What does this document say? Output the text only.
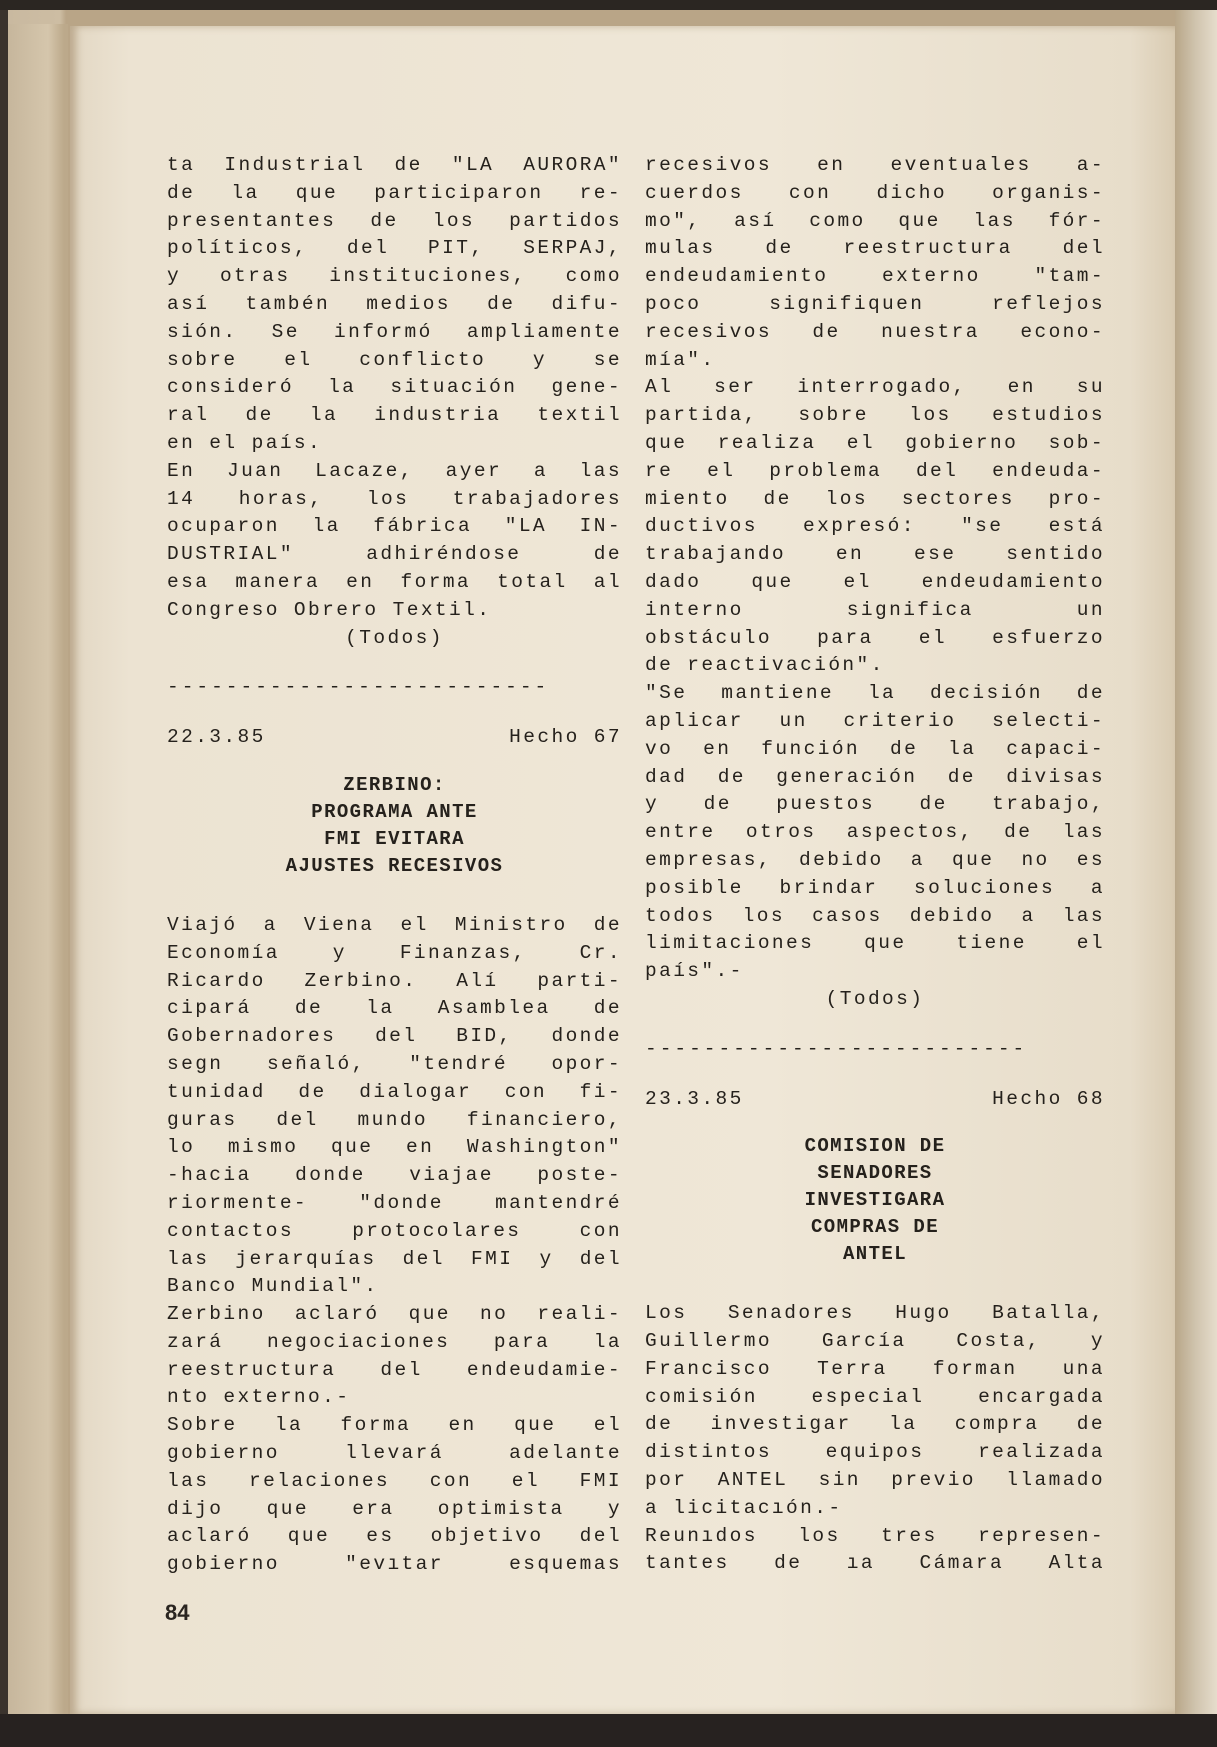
ta Industrial de "LA AURORA"
de la que participaron re-
presentantes de los partidos
políticos, del PIT, SERPAJ,
y otras instituciones, como
así tambén medios de difu-
sión. Se informó ampliamente
sobre el conflicto y se
consideró la situación gene-
ral de la industria textil
en el país.
En Juan Lacaze, ayer a las
14 horas, los trabajadores
ocuparon la fábrica "LA IN-
DUSTRIAL" adhiréndose de
esa manera en forma total al
Congreso Obrero Textil.
(Todos)
--------------------------
22.3.85	Hecho 67
ZERBINO:
PROGRAMA ANTE
FMI EVITARA
AJUSTES RECESIVOS
Viajó a Viena el Ministro de
Economía y Finanzas, Cr.
Ricardo Zerbino. Alí parti-
cipará de la Asamblea de
Gobernadores del BID, donde
segn señaló, "tendré opor-
tunidad de dialogar con fi-
guras del mundo financiero,
lo mismo que en Washington"
-hacia donde viajae poste-
riormente- "donde mantendré
contactos protocolares con
las jerarquías del FMI y del
Banco Mundial".
Zerbino aclaró que no reali-
zará negociaciones para la
reestructura del endeudamie-
nto externo.-
Sobre la forma en que el
gobierno llevará adelante
las relaciones con el FMI
dijo que era optimista y
aclaró que es objetivo del
gobierno "evıtar esquemas
recesivos en eventuales a-
cuerdos con dicho organis-
mo", así como que las fór-
mulas de reestructura del
endeudamiento externo "tam-
poco signifiquen reflejos
recesivos de nuestra econo-
mía".
Al ser interrogado, en su
partida, sobre los estudios
que realiza el gobierno sob-
re el problema del endeuda-
miento de los sectores pro-
ductivos expresó: "se está
trabajando en ese sentido
dado que el endeudamiento
interno significa un
obstáculo para el esfuerzo
de reactivación".
"Se mantiene la decisión de
aplicar un criterio selecti-
vo en función de la capaci-
dad de generación de divisas
y de puestos de trabajo,
entre otros aspectos, de las
empresas, debido a que no es
posible brindar soluciones a
todos los casos debido a las
limitaciones que tiene el
país".-
(Todos)
--------------------------
23.3.85	Hecho 68
COMISION DE
SENADORES
INVESTIGARA
COMPRAS DE
ANTEL
Los Senadores Hugo Batalla,
Guillermo García Costa, y
Francisco Terra forman una
comisión especial encargada
de investigar la compra de
distintos equipos realizada
por ANTEL sin previo llamado
a licitacıón.-
Reunıdos los tres represen-
tantes de ıa Cámara Alta
84
